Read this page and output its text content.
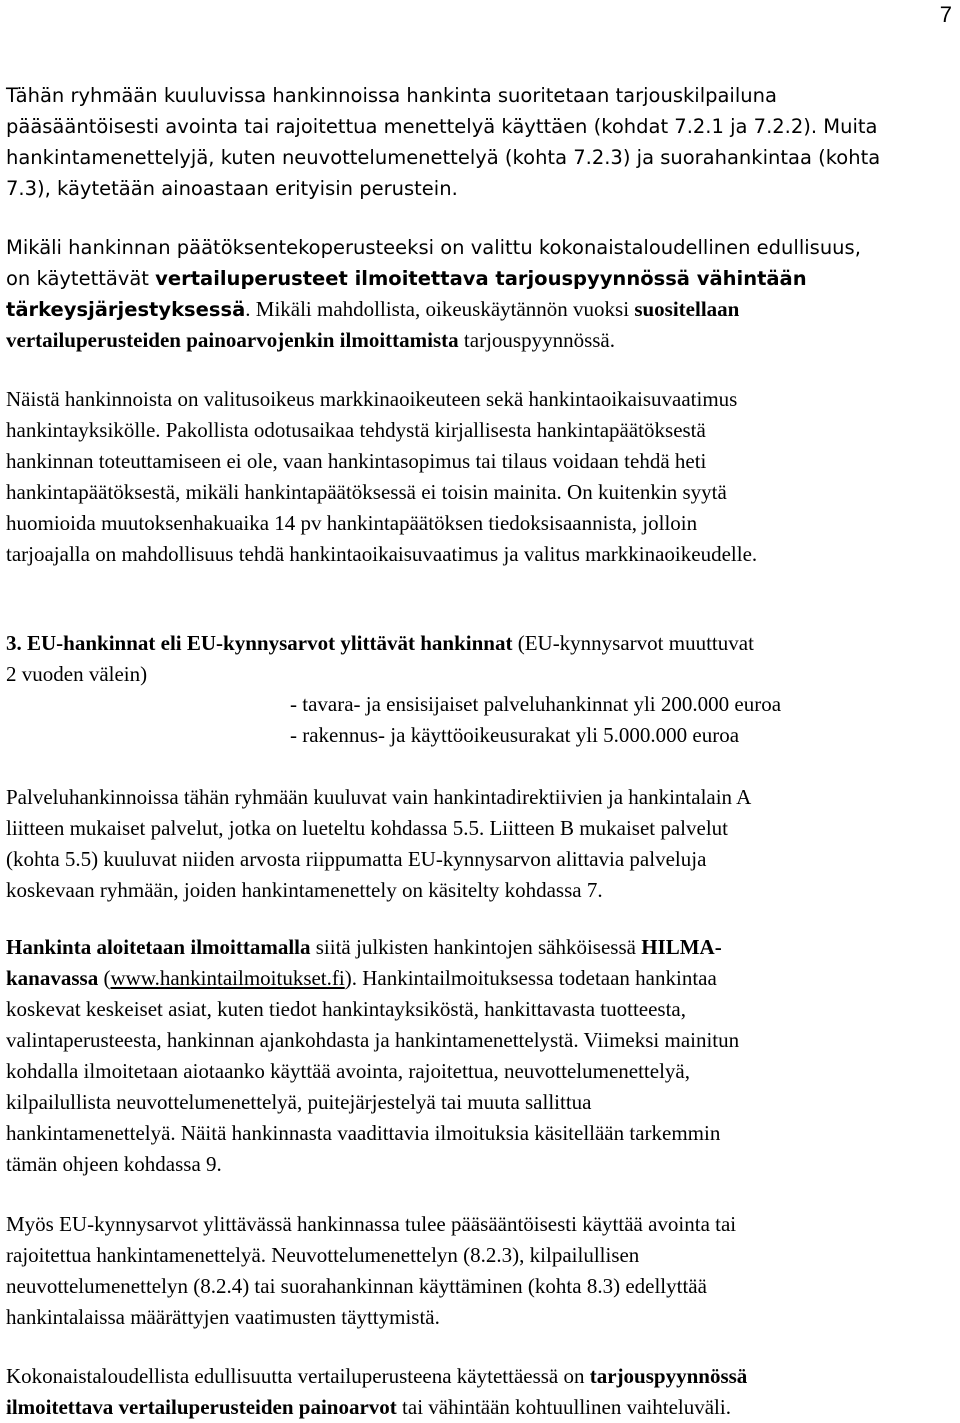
7
Tähän ryhmään kuuluvissa hankinnoissa hankinta suoritetaan tarjouskilpailuna
pääsääntöisesti avointa tai rajoitettua menettelyä käyttäen (kohdat 7.2.1 ja 7.2.2). Muita
hankintamenettelyjä, kuten neuvottelumenettelyä (kohta 7.2.3) ja suorahankintaa (kohta
7.3), käytetään ainoastaan erityisin perustein.
Mikäli hankinnan päätöksentekoperusteeksi on valittu kokonaistaloudellinen edullisuus,
on käytettävät vertailuperusteet ilmoitettava tarjouspyynnössä vähintään
tärkeysjärjestyksessä. Mikäli mahdollista, oikeuskäytännön vuoksi suositellaan
vertailuperusteiden painoarvojenkin ilmoittamista tarjouspyynnössä.
Näistä hankinnoista on valitusoikeus markkinaoikeuteen sekä hankintaoikaisuvaatimus
hankintayksikölle. Pakollista odotusaikaa tehdystä kirjallisesta hankintapäätöksestä
hankinnan toteuttamiseen ei ole, vaan hankintasopimus tai tilaus voidaan tehdä heti
hankintapäätöksestä, mikäli hankintapäätöksessä ei toisin mainita. On kuitenkin syytä
huomioida muutoksenhakuaika 14 pv hankintapäätöksen tiedoksisaannista, jolloin
tarjoajalla on mahdollisuus tehdä hankintaoikaisuvaatimus ja valitus markkinaoikeudelle.
3. EU-hankinnat eli EU-kynnysarvot ylittävät hankinnat (EU-kynnysarvot muuttuvat
2 vuoden välein)
- tavara- ja ensisijaiset palveluhankinnat yli 200.000 euroa
- rakennus- ja käyttöoikeusurakat yli 5.000.000 euroa
Palveluhankinnoissa tähän ryhmään kuuluvat vain hankintadirektiivien ja hankintalain A
liitteen mukaiset palvelut, jotka on lueteltu kohdassa 5.5. Liitteen B mukaiset palvelut
(kohta 5.5) kuuluvat niiden arvosta riippumatta EU-kynnysarvon alittavia palveluja
koskevaan ryhmään, joiden hankintamenettely on käsitelty kohdassa 7.
Hankinta aloitetaan ilmoittamalla siitä julkisten hankintojen sähköisessä HILMA-
kanavassa (www.hankintailmoitukset.fi). Hankintailmoituksessa todetaan hankintaa
koskevat keskeiset asiat, kuten tiedot hankintayksiköstä, hankittavasta tuotteesta,
valintaperusteesta, hankinnan ajankohdasta ja hankintamenettelystä. Viimeksi mainitun
kohdalla ilmoitetaan aiotaanko käyttää avointa, rajoitettua, neuvottelumenettelyä,
kilpailullista neuvottelumenettelyä, puitejärjestelyä tai muuta sallittua
hankintamenettelyä. Näitä hankinnasta vaadittavia ilmoituksia käsitellään tarkemmin
tämän ohjeen kohdassa 9.
Myös EU-kynnysarvot ylittävässä hankinnassa tulee pääsääntöisesti käyttää avointa tai
rajoitettua hankintamenettelyä. Neuvottelumenettelyn (8.2.3), kilpailullisen
neuvottelumenettelyn (8.2.4) tai suorahankinnan käyttäminen (kohta 8.3) edellyttää
hankintalaissa määrättyjen vaatimusten täyttymistä.
Kokonaistaloudellista edullisuutta vertailuperusteena käytettäessä on tarjouspyynnössä
ilmoitettava vertailuperusteiden painoarvot tai vähintään kohtuullinen vaihteluväli.
